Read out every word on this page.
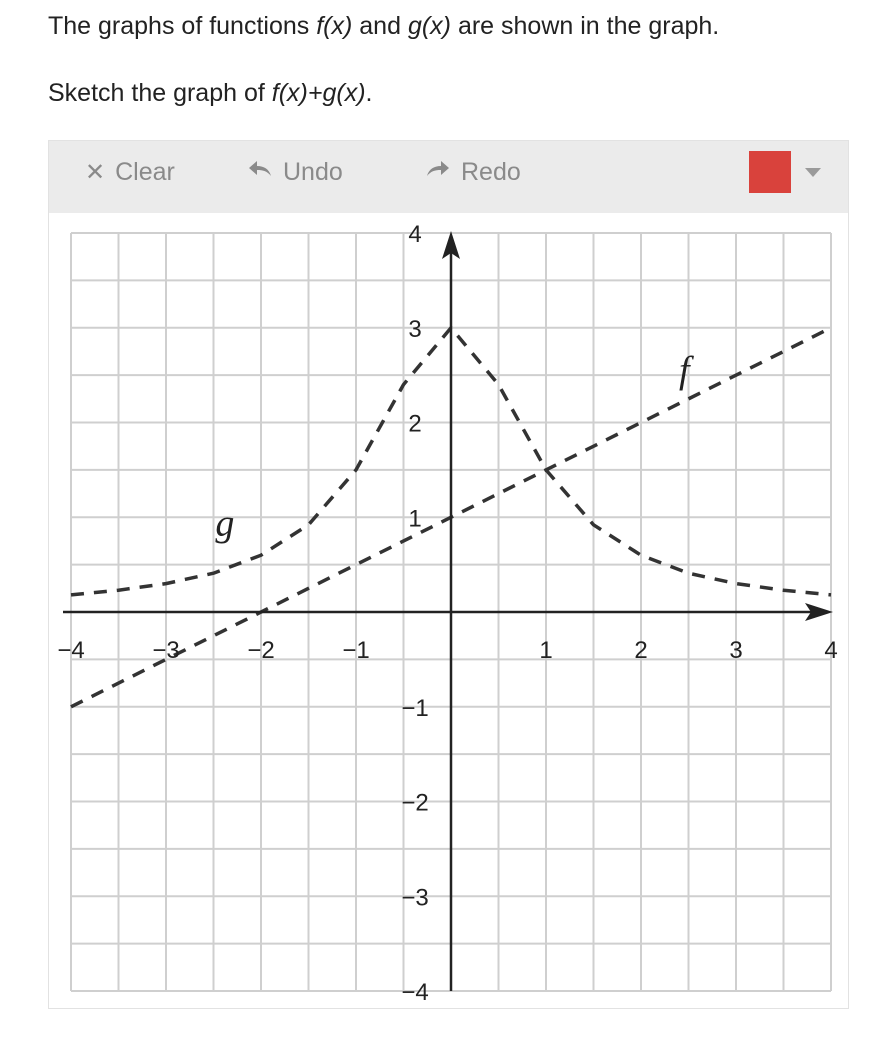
The graphs of functions f(x) and g(x) are shown in the graph.
Sketch the graph of f(x)+g(x).
✕ Clear	Undo	Redo
−4	−3	−2	−1	1	2	3	4
4
3
2
1
−1
−2
−3
−4
f
g
